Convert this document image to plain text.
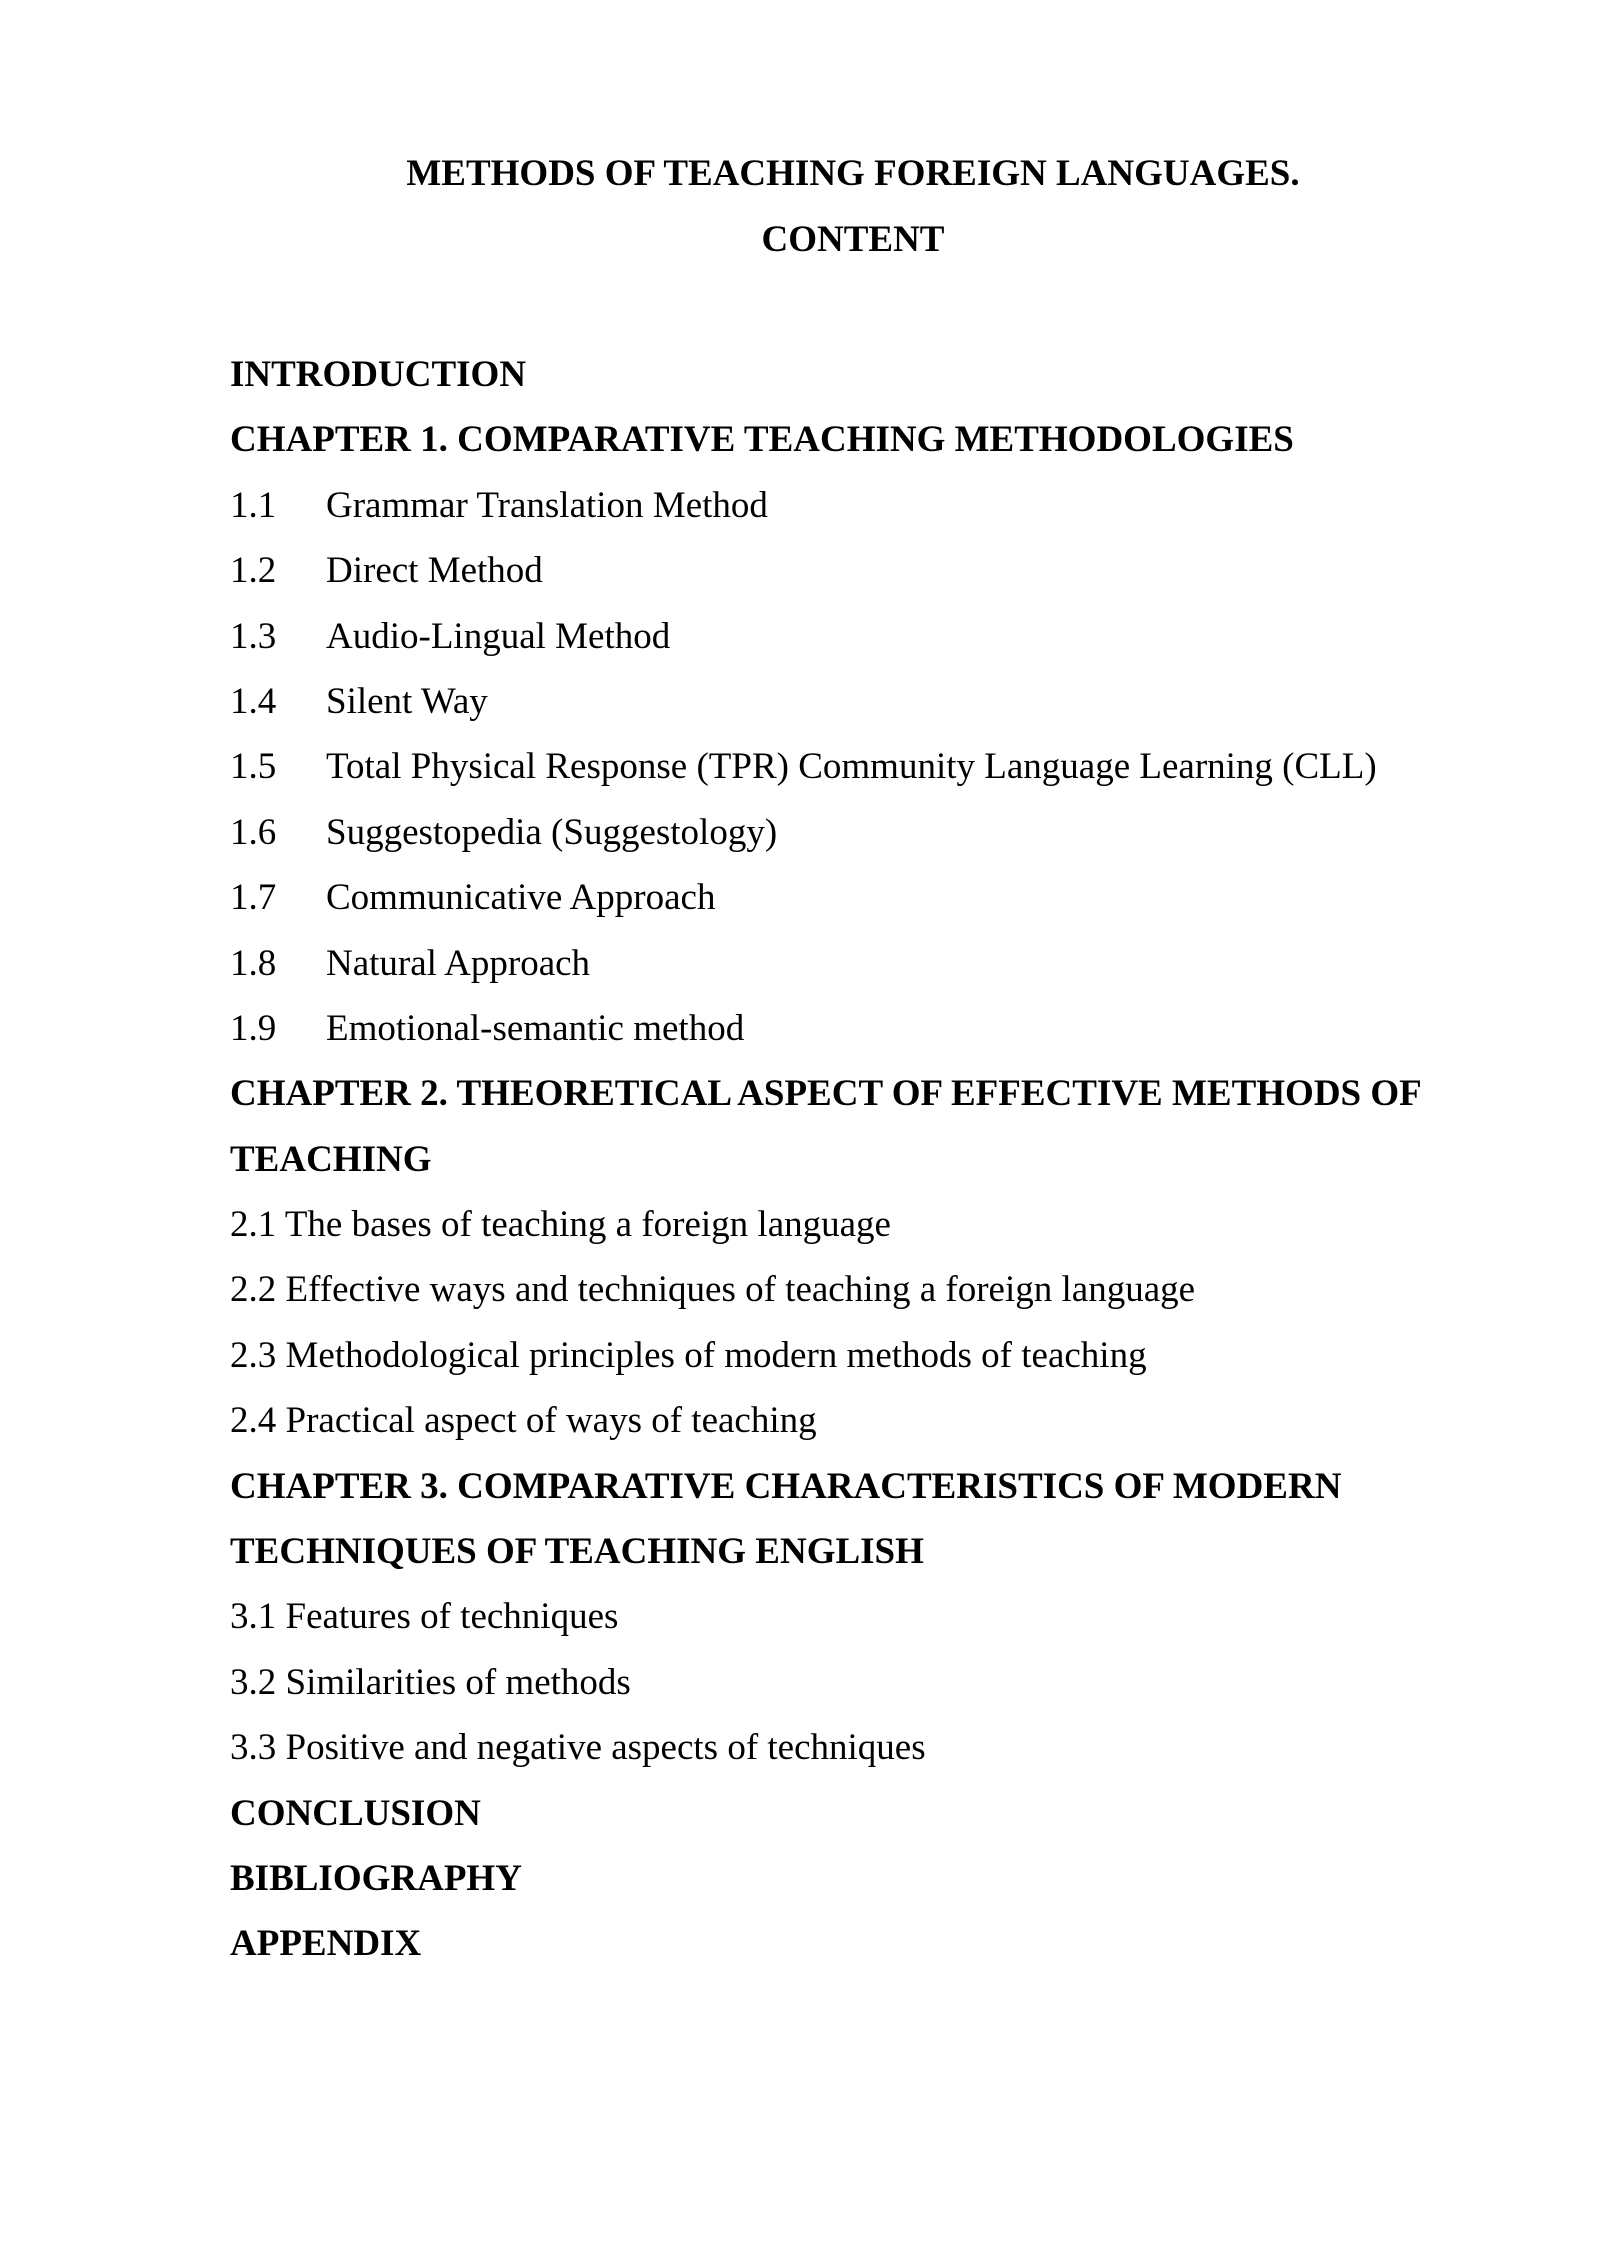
METHODS OF TEACHING FOREIGN LANGUAGES.
CONTENT
INTRODUCTION
CHAPTER 1. COMPARATIVE TEACHING METHODOLOGIES
1.1 Grammar Translation Method
1.2 Direct Method
1.3 Audio-Lingual Method
1.4 Silent Way
1.5 Total Physical Response (TPR) Community Language Learning (CLL)
1.6 Suggestopedia (Suggestology)
1.7 Communicative Approach
1.8 Natural Approach
1.9 Emotional-semantic method
CHAPTER 2. THEORETICAL ASPECT OF EFFECTIVE METHODS OF
TEACHING
2.1 The bases of teaching a foreign language
2.2 Effective ways and techniques of teaching a foreign language
2.3 Methodological principles of modern methods of teaching
2.4 Practical aspect of ways of teaching
CHAPTER 3. COMPARATIVE CHARACTERISTICS OF MODERN
TECHNIQUES OF TEACHING ENGLISH
3.1 Features of techniques
3.2 Similarities of methods
3.3 Positive and negative aspects of techniques
CONCLUSION
BIBLIOGRAPHY
APPENDIX
